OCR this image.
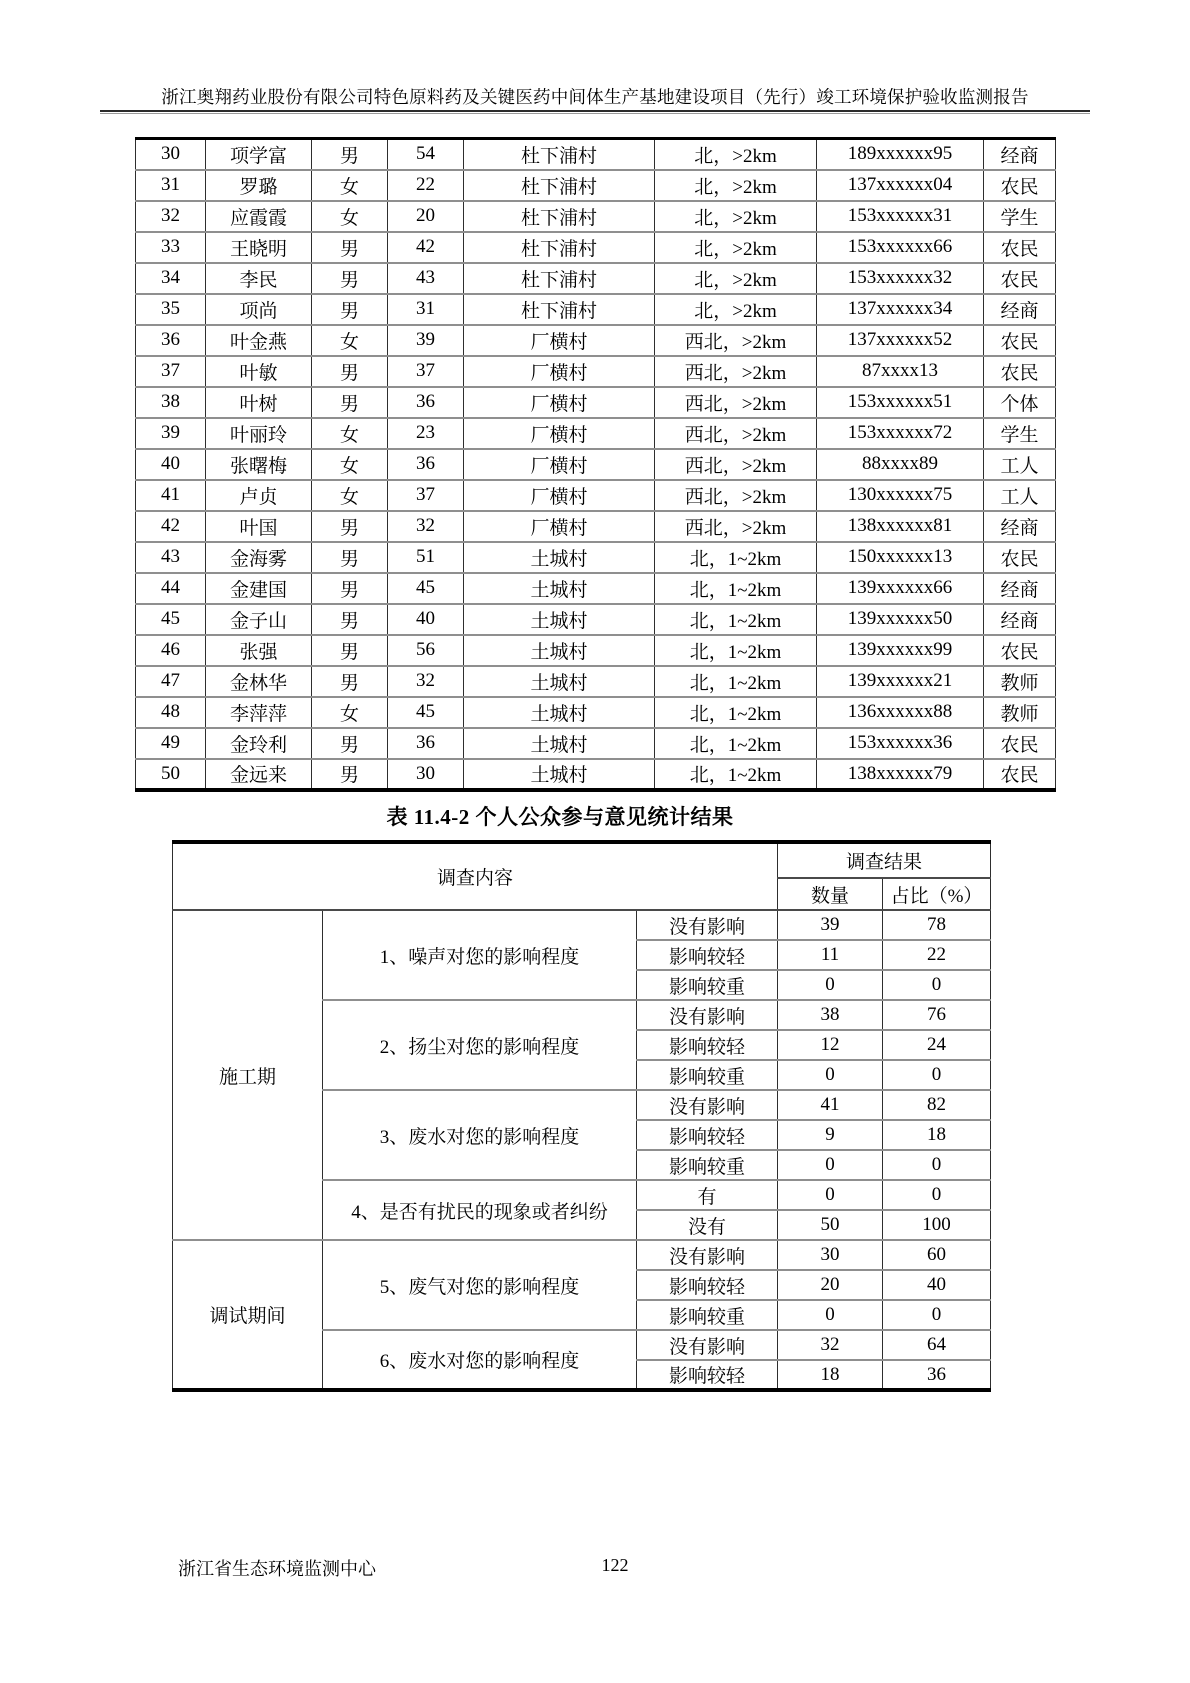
浙江奥翔药业股份有限公司特色原料药及关键医药中间体生产基地建设项目（先行）竣工环境保护验收监测报告
30	项学富	男	54	杜下浦村	北，>2km	189xxxxxx95	经商
31	罗璐	女	22	杜下浦村	北，>2km	137xxxxxx04	农民
32	应霞霞	女	20	杜下浦村	北，>2km	153xxxxxx31	学生
33	王晓明	男	42	杜下浦村	北，>2km	153xxxxxx66	农民
34	李民	男	43	杜下浦村	北，>2km	153xxxxxx32	农民
35	项尚	男	31	杜下浦村	北，>2km	137xxxxxx34	经商
36	叶金燕	女	39	厂横村	西北，>2km	137xxxxxx52	农民
37	叶敏	男	37	厂横村	西北，>2km	87xxxx13	农民
38	叶树	男	36	厂横村	西北，>2km	153xxxxxx51	个体
39	叶丽玲	女	23	厂横村	西北，>2km	153xxxxxx72	学生
40	张曙梅	女	36	厂横村	西北，>2km	88xxxx89	工人
41	卢贞	女	37	厂横村	西北，>2km	130xxxxxx75	工人
42	叶国	男	32	厂横村	西北，>2km	138xxxxxx81	经商
43	金海雾	男	51	土城村	北，1~2km	150xxxxxx13	农民
44	金建国	男	45	土城村	北，1~2km	139xxxxxx66	经商
45	金子山	男	40	土城村	北，1~2km	139xxxxxx50	经商
46	张强	男	56	土城村	北，1~2km	139xxxxxx99	农民
47	金林华	男	32	土城村	北，1~2km	139xxxxxx21	教师
48	李萍萍	女	45	土城村	北，1~2km	136xxxxxx88	教师
49	金玲利	男	36	土城村	北，1~2km	153xxxxxx36	农民
50	金远来	男	30	土城村	北，1~2km	138xxxxxx79	农民
表 11.4-2 个人公众参与意见统计结果
调查内容			调查结果	
			数量	占比（%）
施工期	1、噪声对您的影响程度	没有影响	39	78
		影响较轻	11	22
		影响较重	0	0
	2、扬尘对您的影响程度	没有影响	38	76
		影响较轻	12	24
		影响较重	0	0
	3、废水对您的影响程度	没有影响	41	82
		影响较轻	9	18
		影响较重	0	0
	4、是否有扰民的现象或者纠纷	有	0	0
		没有	50	100
调试期间	5、废气对您的影响程度	没有影响	30	60
		影响较轻	20	40
		影响较重	0	0
	6、废水对您的影响程度	没有影响	32	64
		影响较轻	18	36
浙江省生态环境监测中心	122
